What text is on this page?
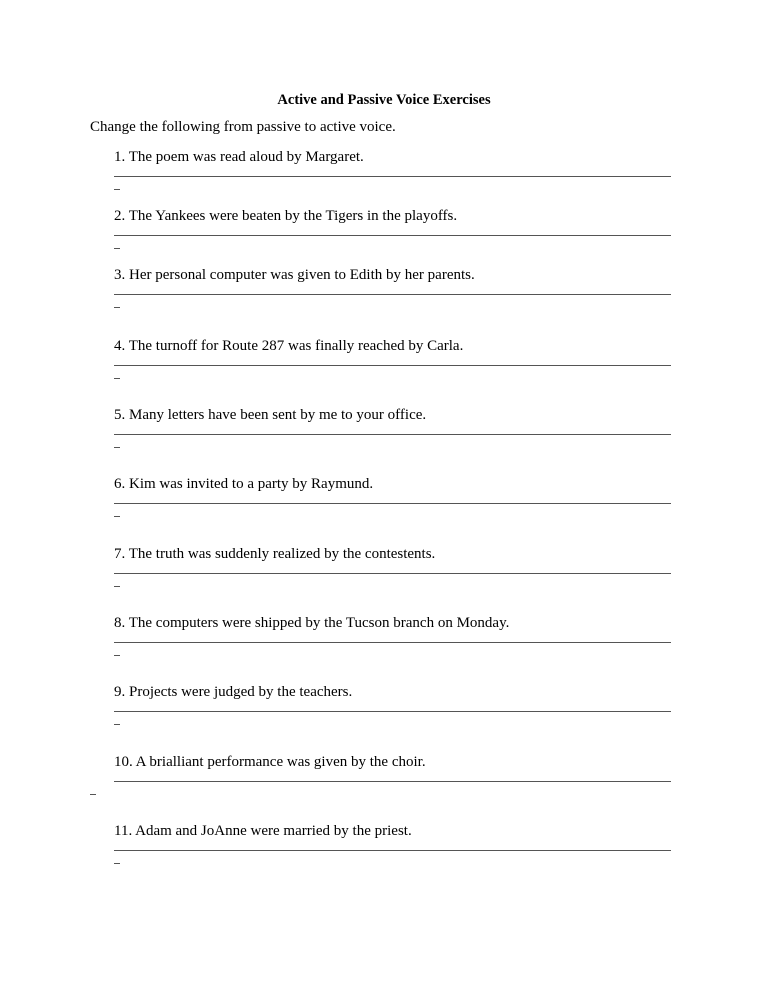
Active and Passive Voice Exercises
Change the following from passive to active voice.
1. The poem was read aloud by Margaret.
2. The Yankees were beaten by the Tigers in the playoffs.
3. Her personal computer was given to Edith by her parents.
4. The turnoff for Route 287 was finally reached by Carla.
5. Many letters have been sent by me to your office.
6. Kim was invited to a party by Raymund.
7. The truth was suddenly realized by the contestents.
8. The computers were shipped by the Tucson branch on Monday.
9. Projects were judged by the teachers.
10. A brialliant performance was given by the choir.
11. Adam and JoAnne were married by the priest.
